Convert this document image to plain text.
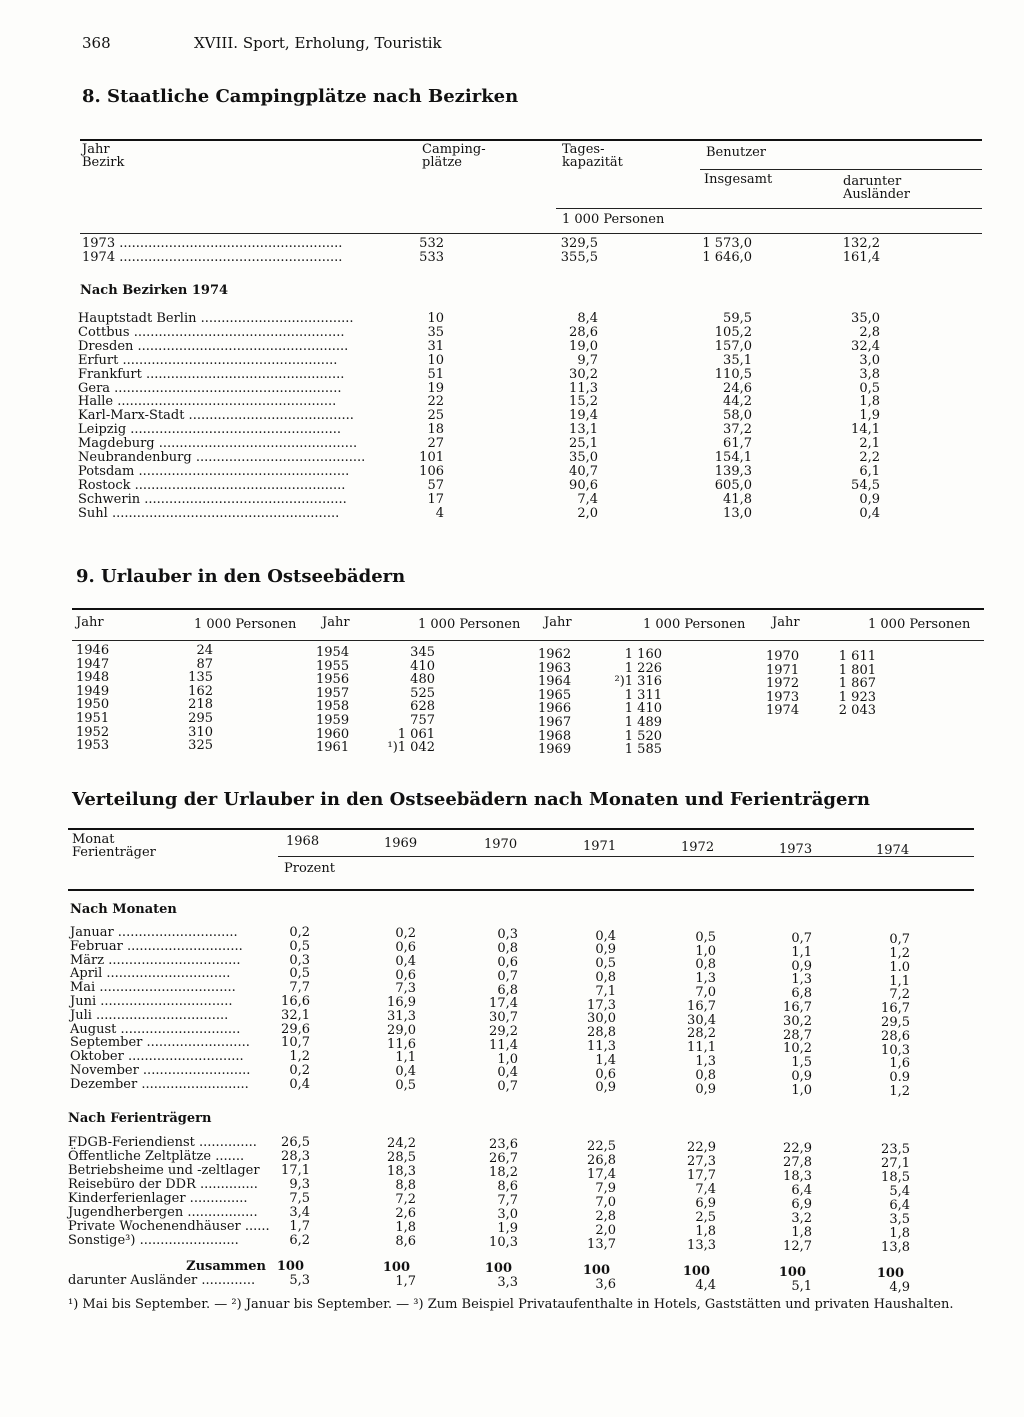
368	XVIII. Sport, Erholung, Touristik
8. Staatliche Campingplätze nach Bezirken
Jahr
Bezirk
Camping-
plätze
Tages-
kapazität
Benutzer
Insgesamt	darunter
Ausländer
1 000 Personen
1973 ......................................................	532	329,5	1 573,0	132,2
1974 ......................................................	533	355,5	1 646,0	161,4
Nach Bezirken 1974
Hauptstadt Berlin .....................................	10	8,4	59,5	35,0
Cottbus ...................................................	35	28,6	105,2	2,8
Dresden ...................................................	31	19,0	157,0	32,4
Erfurt ....................................................	10	9,7	35,1	3,0
Frankfurt ................................................	51	30,2	110,5	3,8
Gera .......................................................	19	11,3	24,6	0,5
Halle .....................................................	22	15,2	44,2	1,8
Karl-Marx-Stadt ........................................	25	19,4	58,0	1,9
Leipzig ...................................................	18	13,1	37,2	14,1
Magdeburg ................................................	27	25,1	61,7	2,1
Neubrandenburg .........................................	101	35,0	154,1	2,2
Potsdam ...................................................	106	40,7	139,3	6,1
Rostock ...................................................	57	90,6	605,0	54,5
Schwerin .................................................	17	7,4	41,8	0,9
Suhl .......................................................	4	2,0	13,0	0,4
9. Urlauber in den Ostseebädern
Jahr	1 000 Personen Jahr	1 000 Personen Jahr	1 000 Personen Jahr	1 000 Personen
1946	24
1947	87
1948	135
1949	162
1950	218
1951	295
1952	310
1953	325
1954	345
1955	410
1956	480
1957	525
1958	628
1959	757
1960	1 061
1961	¹)1 042
1962	1 160
1963	1 226
1964	²)1 316
1965	1 311
1966	1 410
1967	1 489
1968	1 520
1969	1 585
1970	1 611
1971	1 801
1972	1 867
1973	1 923
1974	2 043
Verteilung der Urlauber in den Ostseebädern nach Monaten und Ferienträgern
Monat
Ferienträger
1968	1969	1970	1971	1972	1973	1974
Prozent
Nach Monaten
Januar .............................	0,2	0,2	0,3	0,4	0,5	0,7	0,7
Februar ............................	0,5	0,6	0,8	0,9	1,0	1,1	1,2
März ................................	0,3	0,4	0,6	0,5	0,8	0,9	1.0
April ..............................	0,5	0,6	0,7	0,8	1,3	1,3	1,1
Mai .................................	7,7	7,3	6,8	7,1	7,0	6,8	7,2
Juni ................................	16,6	16,9	17,4	17,3	16,7	16,7	16,7
Juli ................................	32,1	31,3	30,7	30,0	30,4	30,2	29,5
August .............................	29,6	29,0	29,2	28,8	28,2	28,7	28,6
September ......................... 10,7	11,6	11,4	11,3	11,1	10,2	10,3
Oktober ............................	1,2	1,1	1,0	1,4	1,3	1,5	1,6
November ..........................	0,2	0,4	0,4	0,6	0,8	0,9	0.9
Dezember ..........................	0,4	0,5	0,7	0,9	0,9	1,0	1,2
Nach Ferienträgern
FDGB-Feriendienst .............. 26,5	24,2	23,6	22,5	22,9	22,9	23,5
Öffentliche Zeltplätze .......	28,3	28,5	26,7	26,8	27,3	27,8	27,1
Betriebsheime und -zeltlager 17,1	18,3	18,2	17,4	17,7	18,3	18,5
Reisebüro der DDR .............. 9,3	8,8	8,6	7,9	7,4	6,4	5,4
Kinderferienlager ..............	7,5	7,2	7,7	7,0	6,9	6,9	6,4
Jugendherbergen ................. 3,4	2,6	3,0	2,8	2,5	3,2	3,5
Private Wochenendhäuser ...... 1,7	1,8	1,9	2,0	1,8	1,8	1,8
Sonstige³) ........................	6,2	8,6	10,3	13,7	13,3	12,7	13,8
Zusammen 100	100	100	100	100	100	100
darunter Ausländer .............	5,3	1,7	3,3	3,6	4,4	5,1	4,9
¹) Mai bis September. — ²) Januar bis September. — ³) Zum Beispiel Privataufenthalte in Hotels, Gaststätten und privaten Haushalten.
